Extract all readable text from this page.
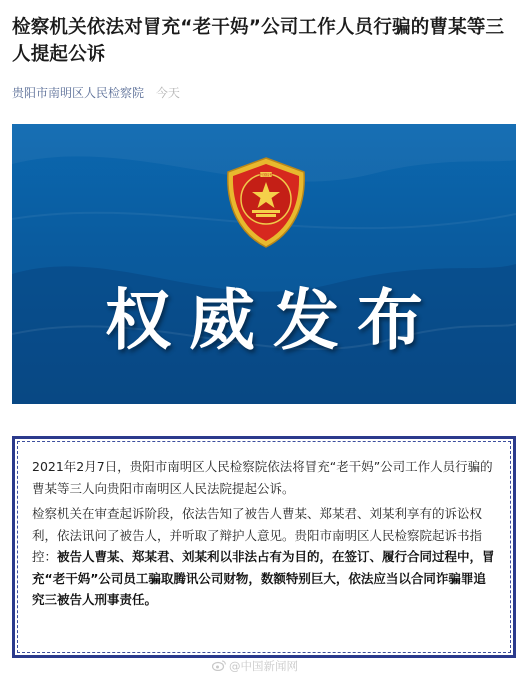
检察机关依法对冒充“老干妈”公司工作人员行骗的曹某等三人提起公诉
贵阳市南明区人民检察院 今天
中国检察
权威发布

2021年2月7日，贵阳市南明区人民检察院依法将冒充“老干妈”公司工作人员行骗的曹某等三人向贵阳市南明区人民法院提起公诉。

检察机关在审查起诉阶段，依法告知了被告人曹某、郑某君、刘某利享有的诉讼权利，依法讯问了被告人，并听取了辩护人意见。贵阳市南明区人民检察院起诉书指控：被告人曹某、郑某君、刘某利以非法占有为目的，在签订、履行合同过程中，冒充“老干妈”公司员工骗取腾讯公司财物，数额特别巨大，依法应当以合同诈骗罪追究三被告人刑事责任。

@中国新闻网
